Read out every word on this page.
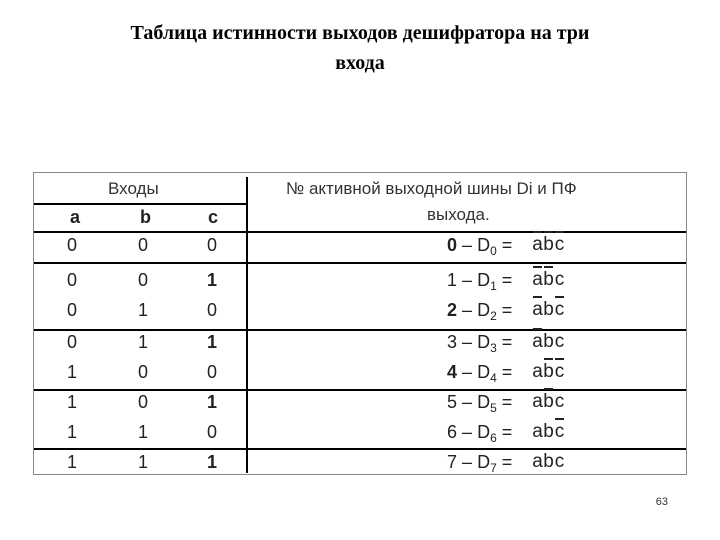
Таблица истинности выходов дешифратора на три
входа
Входы	№ активной выходной шины Di и ПФ
выхода.
a	b	c
0	0	0	$0 - D_0$ = abc
0	0	1	$1 - D_1$ = abc
0	1	0	$2 - D_2$ = abc
0	1	1	$3 - D_3$ = abc
1	0	0	$4 - D_4$ = abc
1	0	1	$5 - D_5$ = abc
1	1	0	$6 - D_6$ = abc
1	1	1	$7 - D_7$ = abc
63
